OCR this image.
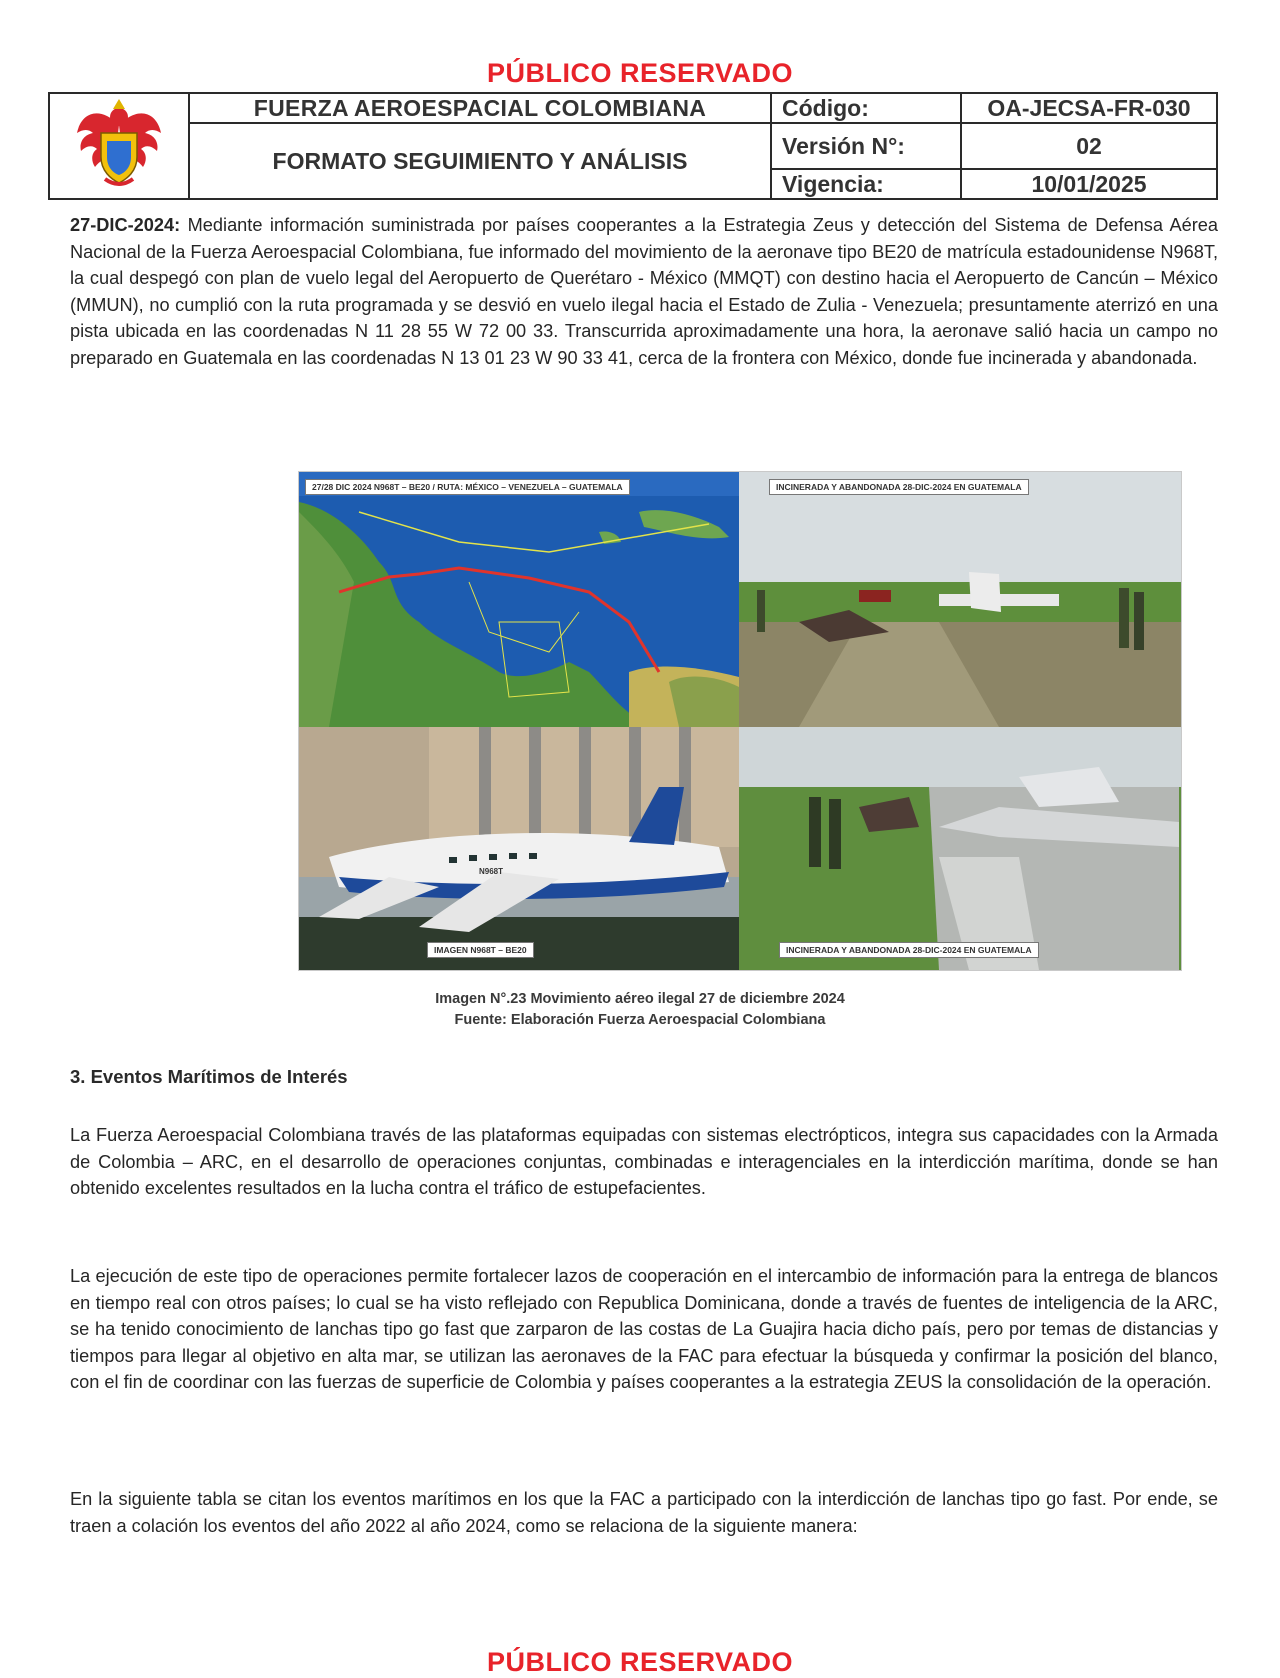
PÚBLICO RESERVADO
	FUERZA AEROESPACIAL COLOMBIANA	Código:	OA-JECSA-FR-030
	FORMATO SEGUIMIENTO Y ANÁLISIS	Versión N°:	02
		Vigencia:	10/01/2025

27-DIC-2024: Mediante información suministrada por países cooperantes a la Estrategia Zeus y detección del Sistema de Defensa Aérea Nacional de la Fuerza Aeroespacial Colombiana, fue informado del movimiento de la aeronave tipo BE20 de matrícula estadounidense N968T, la cual despegó con plan de vuelo legal del Aeropuerto de Querétaro - México (MMQT) con destino hacia el Aeropuerto de Cancún – México (MMUN), no cumplió con la ruta programada y se desvió en vuelo ilegal hacia el Estado de Zulia - Venezuela; presuntamente aterrizó en una pista ubicada en las coordenadas N 11 28 55 W 72 00 33. Transcurrida aproximadamente una hora, la aeronave salió hacia un campo no preparado en Guatemala en las coordenadas N 13 01 23 W 90 33 41, cerca de la frontera con México, donde fue incinerada y abandonada.

27/28 DIC 2024 N968T – BE20 / RUTA: MÉXICO – VENEZUELA – GUATEMALA	INCINERADA Y ABANDONADA 28-DIC-2024 EN GUATEMALA
N968T
IMAGEN N968T – BE20	INCINERADA Y ABANDONADA 28-DIC-2024 EN GUATEMALA
Imagen N°.23 Movimiento aéreo ilegal 27 de diciembre 2024
Fuente: Elaboración Fuerza Aeroespacial Colombiana
3. Eventos Marítimos de Interés

La Fuerza Aeroespacial Colombiana través de las plataformas equipadas con sistemas electrópticos, integra sus capacidades con la Armada de Colombia – ARC, en el desarrollo de operaciones conjuntas, combinadas e interagenciales en la interdicción marítima, donde se han obtenido excelentes resultados en la lucha contra el tráfico de estupefacientes.

La ejecución de este tipo de operaciones permite fortalecer lazos de cooperación en el intercambio de información para la entrega de blancos en tiempo real con otros países; lo cual se ha visto reflejado con Republica Dominicana, donde a través de fuentes de inteligencia de la ARC, se ha tenido conocimiento de lanchas tipo go fast que zarparon de las costas de La Guajira hacia dicho país, pero por temas de distancias y tiempos para llegar al objetivo en alta mar, se utilizan las aeronaves de la FAC para efectuar la búsqueda y confirmar la posición del blanco, con el fin de coordinar con las fuerzas de superficie de Colombia y países cooperantes a la estrategia ZEUS la consolidación de la operación.

En la siguiente tabla se citan los eventos marítimos en los que la FAC a participado con la interdicción de lanchas tipo go fast. Por ende, se traen a colación los eventos del año 2022 al año 2024, como se relaciona de la siguiente manera:

PÚBLICO RESERVADO
